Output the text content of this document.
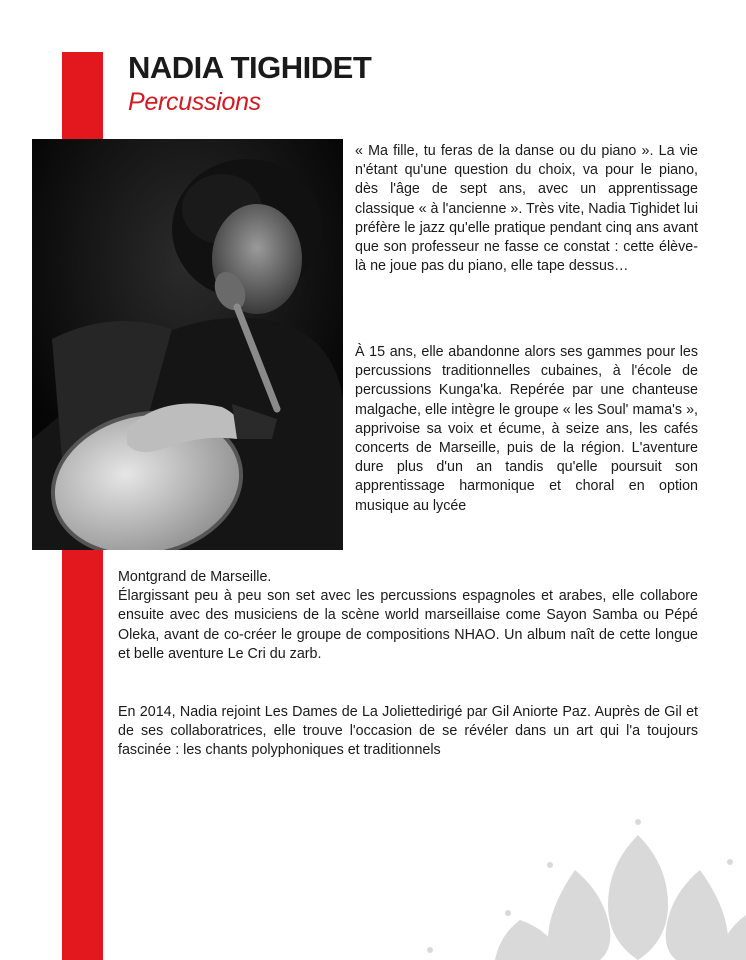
NADIA TIGHIDET
Percussions
« Ma fille, tu feras de la danse ou du piano ». La vie n'étant qu'une question du choix, va pour le piano, dès l'âge de sept ans, avec un apprentissage classique « à l'ancienne ». Très vite, Nadia Tighidet lui préfère le jazz qu'elle pratique pendant cinq ans avant que son professeur ne fasse ce constat : cette élève-là ne joue pas du piano, elle tape dessus…
À 15 ans, elle abandonne alors ses gammes pour les percussions traditionnelles cubaines, à l'école de percussions Kunga'ka. Repérée par une chanteuse malgache, elle intègre le groupe « les Soul' mama's », apprivoise sa voix et écume, à seize ans, les cafés concerts de Marseille, puis de la région. L'aventure dure plus d'un an tandis qu'elle poursuit son apprentissage harmonique et choral en option musique au lycée
Montgrand de Marseille.
Élargissant peu à peu son set avec les percussions espagnoles et arabes, elle collabore ensuite avec des musiciens de la scène world marseillaise come Sayon Samba ou Pépé Oleka, avant de co-créer le groupe de compositions NHAO. Un album naît de cette longue et belle aventure Le Cri du zarb.
En 2014, Nadia rejoint Les Dames de La Joliettedirigé par Gil Aniorte Paz. Auprès de Gil et de ses collaboratrices, elle trouve l'occasion de se révéler dans un art qui l'a toujours fascinée : les chants polyphoniques et traditionnels
